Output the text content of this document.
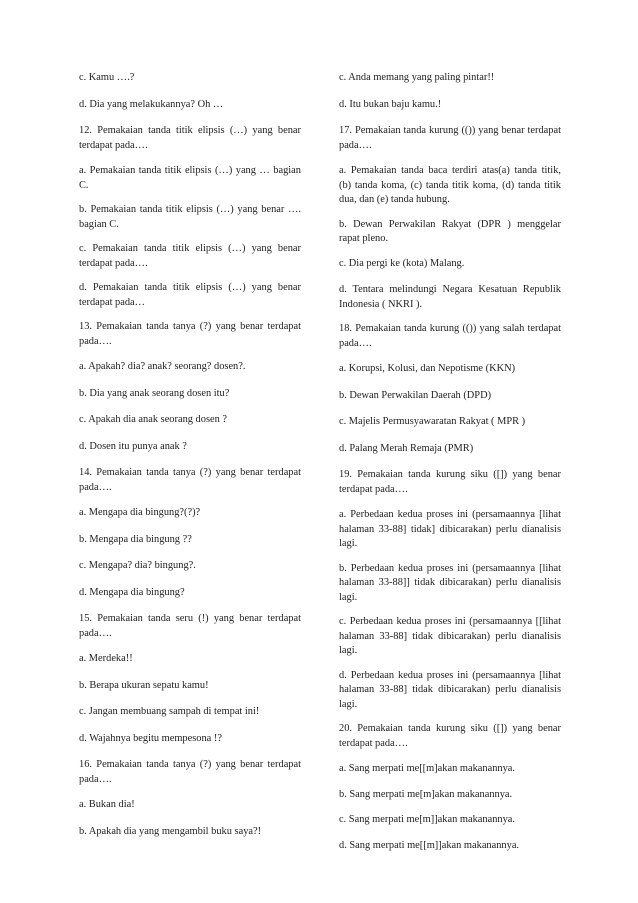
c. Kamu ….?

d. Dia yang melakukannya? Oh …

12. Pemakaian tanda titik elipsis (…) yang benar terdapat pada….

a. Pemakaian tanda titik elipsis (…) yang … bagian C.

b. Pemakaian tanda titik elipsis (…) yang benar …. bagian C.

c. Pemakaian tanda titik elipsis (…) yang benar terdapat pada….

d. Pemakaian tanda titik elipsis (…) yang benar terdapat pada…

13. Pemakaian tanda tanya (?) yang benar terdapat pada….

a. Apakah? dia? anak? seorang? dosen?.

b. Dia yang anak seorang dosen itu?

c. Apakah dia anak seorang dosen ?

d. Dosen itu punya anak ?

14. Pemakaian tanda tanya (?) yang benar terdapat pada….

a. Mengapa dia bingung?(?)?

b. Mengapa dia bingung ??

c. Mengapa? dia? bingung?.

d. Mengapa dia bingung?

15. Pemakaian tanda seru (!) yang benar terdapat pada….

a. Merdeka!!

b. Berapa ukuran sepatu kamu!

c. Jangan membuang sampah di tempat ini!

d. Wajahnya begitu mempesona !?

16. Pemakaian tanda tanya (?) yang benar terdapat pada….

a. Bukan dia!

b. Apakah dia yang mengambil buku saya?!

c. Anda memang yang paling pintar!!

d. Itu bukan baju kamu.!

17. Pemakaian tanda kurung (()) yang benar terdapat pada….

a. Pemakaian tanda baca terdiri atas(a) tanda titik, (b) tanda koma, (c) tanda titik koma, (d) tanda titik dua, dan (e) tanda hubung.

b. Dewan Perwakilan Rakyat (DPR ) menggelar rapat pleno.

c. Dia pergi ke (kota) Malang.

d. Tentara melindungi Negara Kesatuan Republik Indonesia ( NKRI ).

18. Pemakaian tanda kurung (()) yang salah terdapat pada….

a. Korupsi, Kolusi, dan Nepotisme (KKN)

b. Dewan Perwakilan Daerah (DPD)

c. Majelis Permusyawaratan Rakyat ( MPR )

d. Palang Merah Remaja (PMR)

19. Pemakaian tanda kurung siku ([]) yang benar terdapat pada….

a. Perbedaan kedua proses ini (persamaannya [lihat halaman 33-88] tidak] dibicarakan) perlu dianalisis lagi.

b. Perbedaan kedua proses ini (persamaannya [lihat halaman 33-88]] tidak dibicarakan) perlu dianalisis lagi.

c. Perbedaan kedua proses ini (persamaannya [[lihat halaman 33-88] tidak dibicarakan) perlu dianalisis lagi.

d. Perbedaan kedua proses ini (persamaannya [lihat halaman 33-88] tidak dibicarakan) perlu dianalisis lagi.

20. Pemakaian tanda kurung siku ([]) yang benar terdapat pada….

a. Sang merpati me[[m]akan makanannya.

b. Sang merpati me[m]akan makanannya.

c. Sang merpati me[m]]akan makanannya.

d. Sang merpati me[[m]]akan makanannya.
